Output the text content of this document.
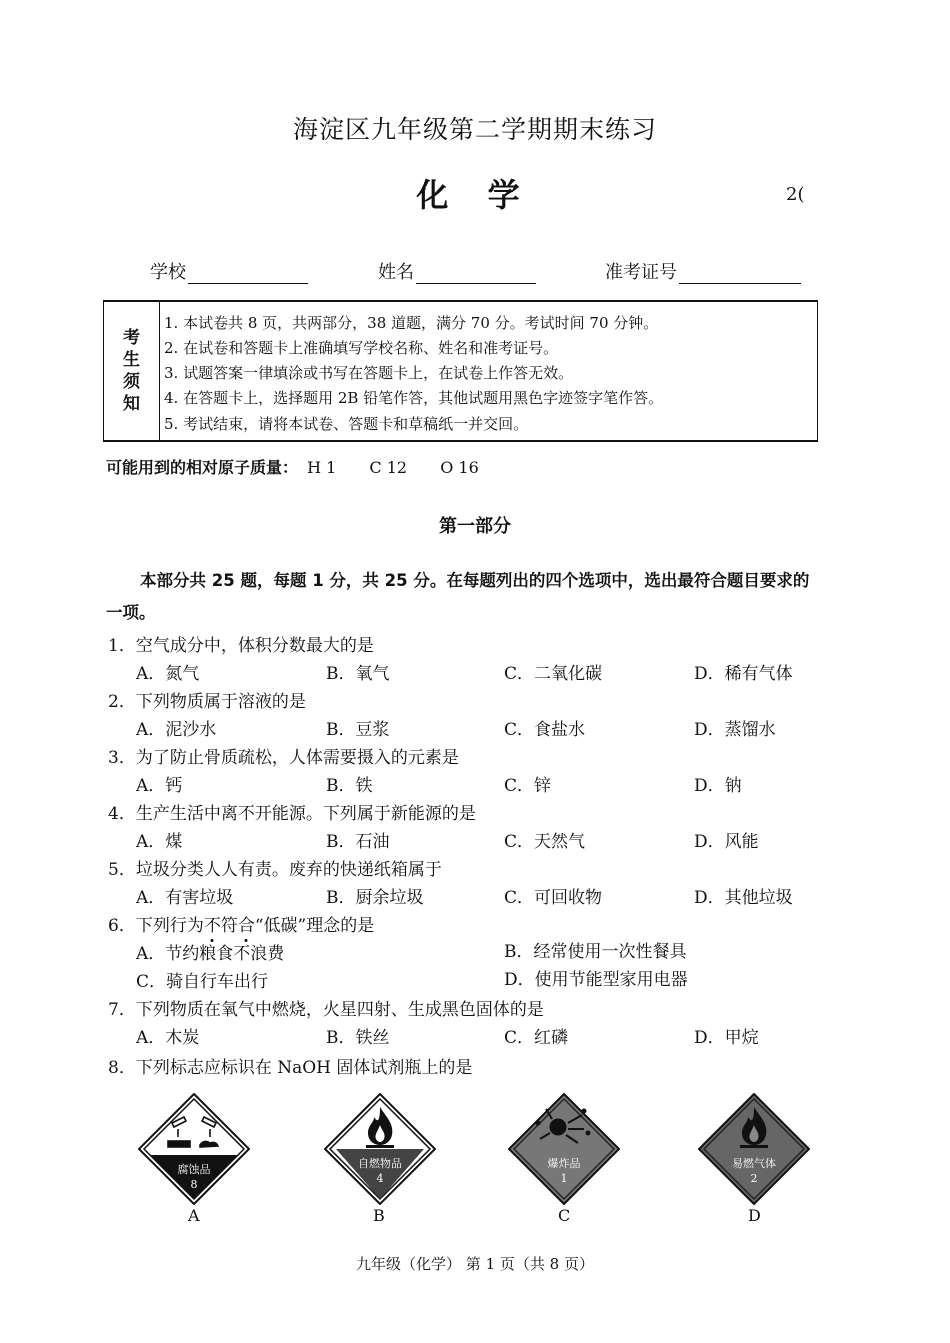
海淀区九年级第二学期期末练习
化 学	2(
学校	姓名	准考证号
考
生
须
知
1. 本试卷共 8 页，共两部分，38 道题，满分 70 分。考试时间 70 分钟。
2. 在试卷和答题卡上准确填写学校名称、姓名和准考证号。
3. 试题答案一律填涂或书写在答题卡上，在试卷上作答无效。
4. 在答题卡上，选择题用 2B 铅笔作答，其他试题用黑色字迹签字笔作答。
5. 考试结束，请将本试卷、答题卡和草稿纸一并交回。
可能用到的相对原子质量： H 1 C 12 O 16
第一部分
本部分共 25 题，每题 1 分，共 25 分。在每题列出的四个选项中，选出最符合题目要求的
一项。
1．空气成分中，体积分数最大的是
A．氮气	B．氧气	C．二氧化碳	D．稀有气体
2．下列物质属于溶液的是
A．泥沙水	B．豆浆	C．食盐水	D．蒸馏水
3．为了防止骨质疏松，人体需要摄入的元素是
A．钙	B．铁	C．锌	D．钠
4．生产生活中离不开能源。下列属于新能源的是
A．煤	B．石油	C．天然气	D．风能
5．垃圾分类人人有责。废弃的快递纸箱属于
A．有害垃圾	B．厨余垃圾	C．可回收物	D．其他垃圾
6．下列行为不符合“低碳”理念的是
A．节约粮食不浪费	B．经常使用一次性餐具
C．骑自行车出行	D．使用节能型家用电器
7．下列物质在氧气中燃烧，火星四射、生成黑色固体的是
A．木炭	B．铁丝	C．红磷	D．甲烷
8．下列标志应标识在 NaOH 固体试剂瓶上的是
腐蚀品
8
A
自燃物品
4
B
爆炸品
1
C
易燃气体
2
D
九年级（化学） 第 1 页（共 8 页）
